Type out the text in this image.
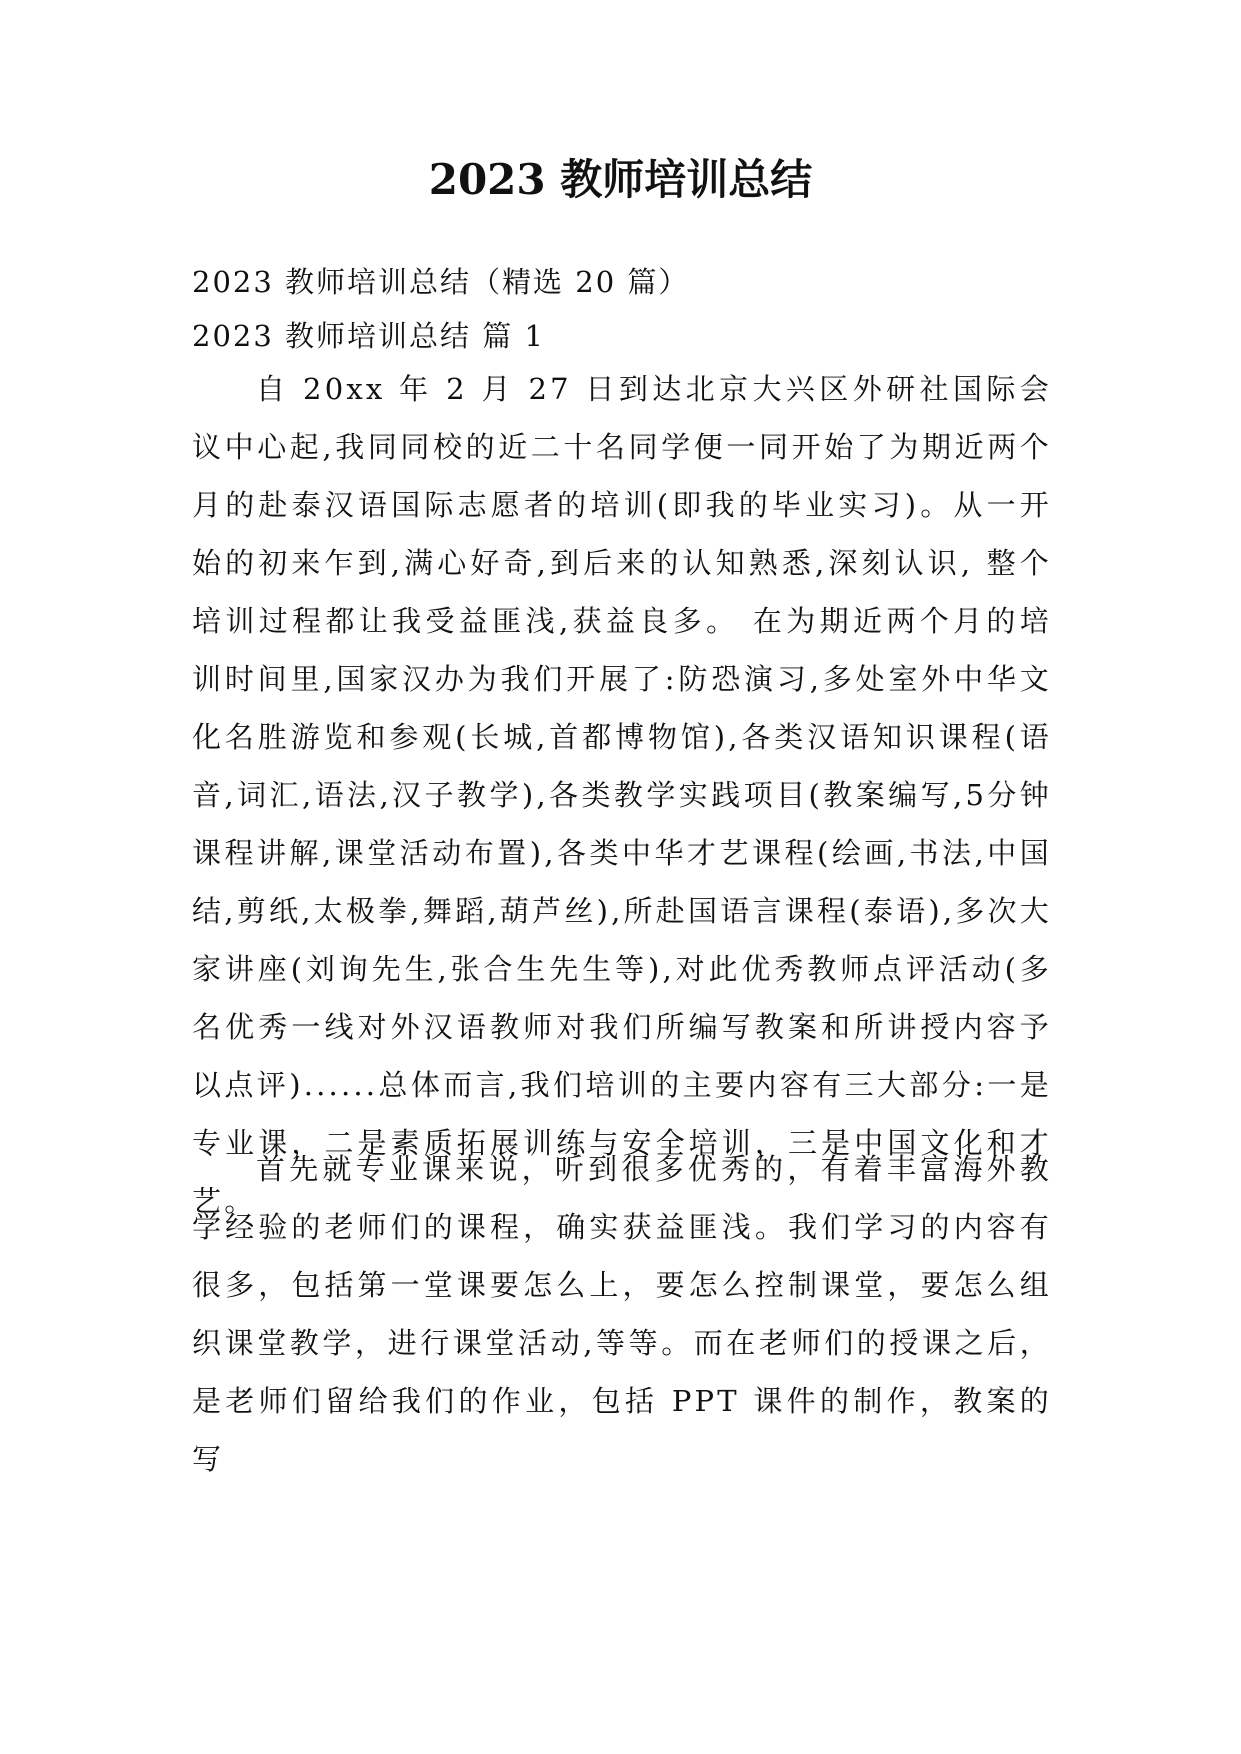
2023 教师培训总结

2023 教师培训总结（精选 20 篇）

2023 教师培训总结 篇 1

自 20xx 年 2 月 27 日到达北京大兴区外研社国际会议中心起,我同同校的近二十名同学便一同开始了为期近两个月的赴泰汉语国际志愿者的培训(即我的毕业实习)。从一开始的初来乍到,满心好奇,到后来的认知熟悉,深刻认识, 整个培训过程都让我受益匪浅,获益良多。 在为期近两个月的培训时间里,国家汉办为我们开展了:防恐演习,多处室外中华文化名胜游览和参观(长城,首都博物馆),各类汉语知识课程(语音,词汇,语法,汉子教学),各类教学实践项目(教案编写,5分钟课程讲解,课堂活动布置),各类中华才艺课程(绘画,书法,中国结,剪纸,太极拳,舞蹈,葫芦丝),所赴国语言课程(泰语),多次大家讲座(刘询先生,张合生先生等),对此优秀教师点评活动(多名优秀一线对外汉语教师对我们所编写教案和所讲授内容予以点评)......总体而言,我们培训的主要内容有三大部分:一是专业课，二是素质拓展训练与安全培训，三是中国文化和才艺。

首先就专业课来说，听到很多优秀的，有着丰富海外教学经验的老师们的课程，确实获益匪浅。我们学习的内容有很多，包括第一堂课要怎么上，要怎么控制课堂，要怎么组织课堂教学，进行课堂活动,等等。而在老师们的授课之后，是老师们留给我们的作业，包括 PPT 课件的制作，教案的写
